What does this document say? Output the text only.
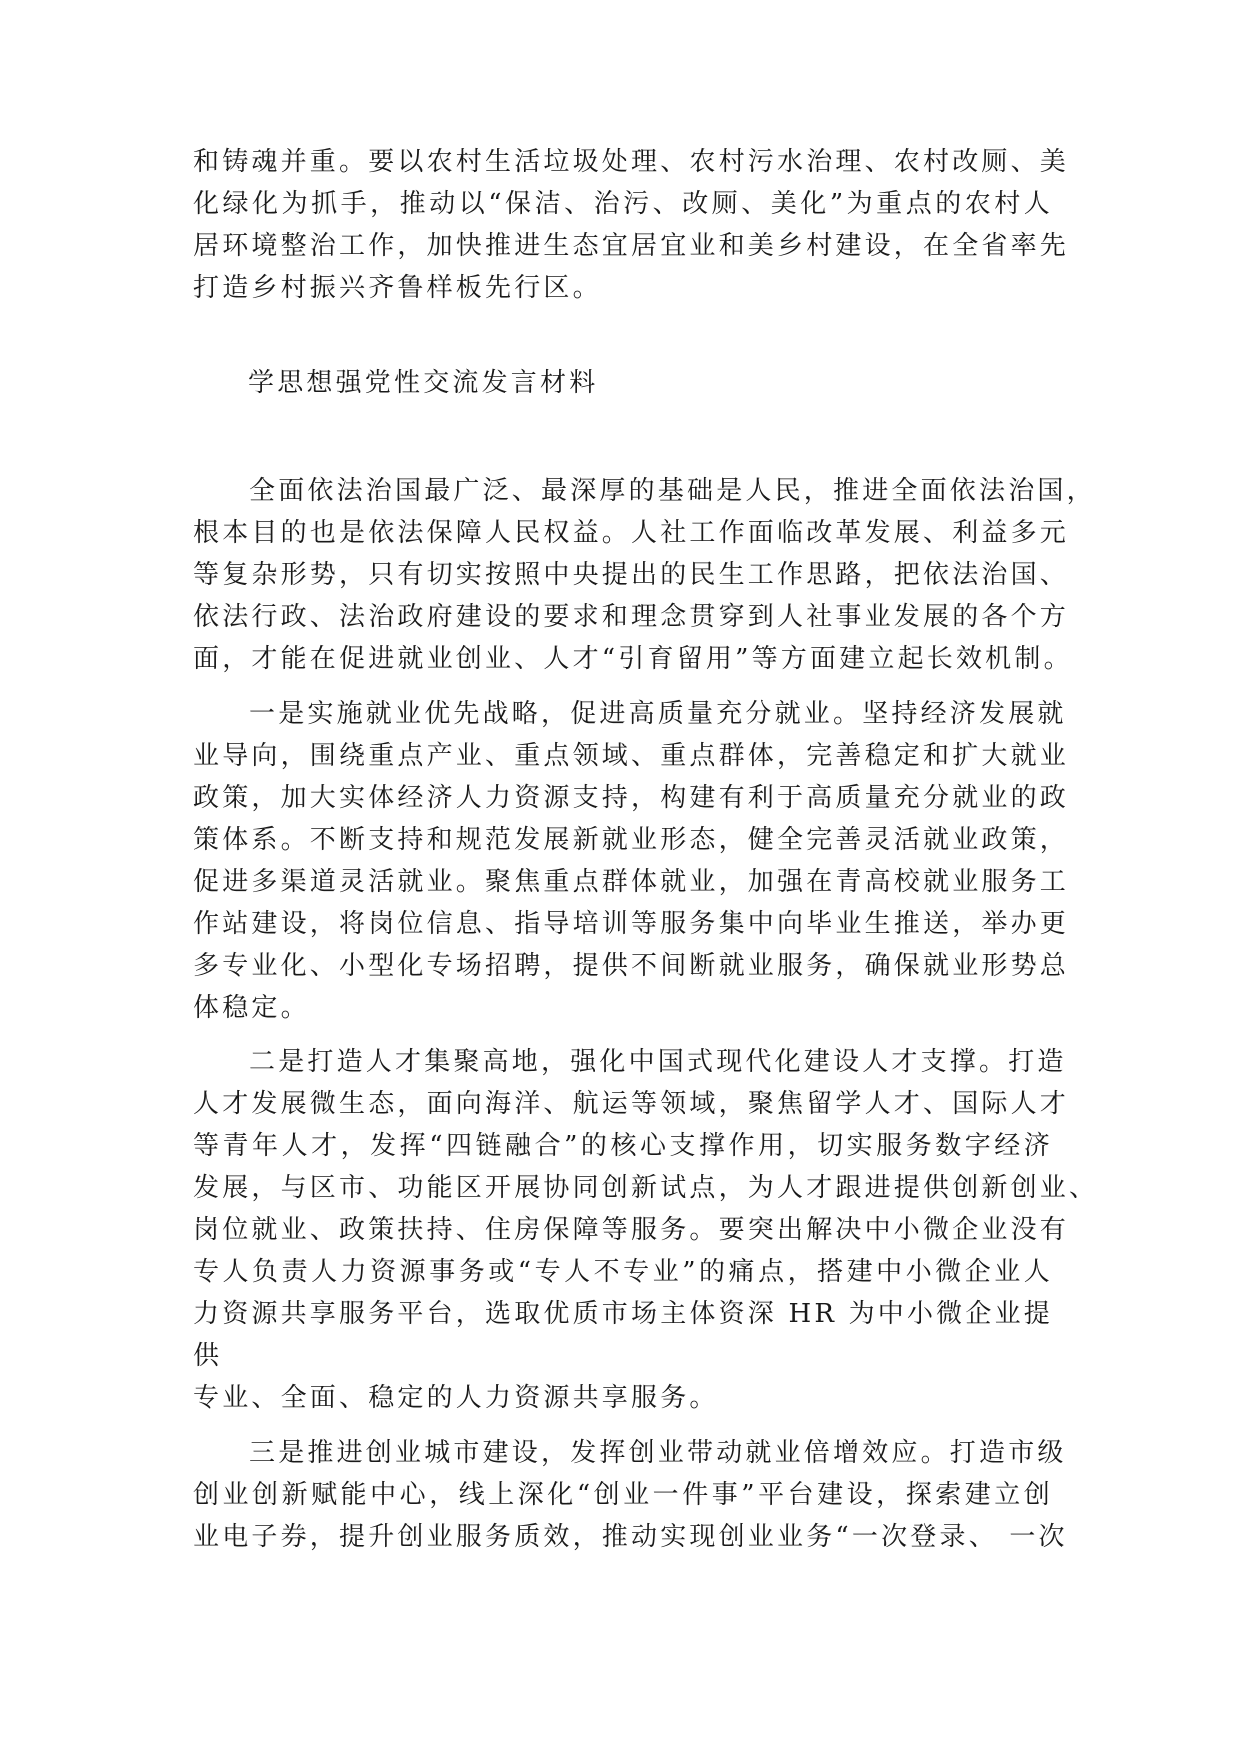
和铸魂并重。要以农村生活垃圾处理、农村污水治理、农村改厕、美
化绿化为抓手，推动以“保洁、治污、改厕、美化”为重点的农村人
居环境整治工作，加快推进生态宜居宜业和美乡村建设，在全省率先
打造乡村振兴齐鲁样板先行区。
学思想强党性交流发言材料
全面依法治国最广泛、最深厚的基础是人民，推进全面依法治国，
根本目的也是依法保障人民权益。人社工作面临改革发展、利益多元
等复杂形势，只有切实按照中央提出的民生工作思路，把依法治国、
依法行政、法治政府建设的要求和理念贯穿到人社事业发展的各个方
面，才能在促进就业创业、人才“引育留用”等方面建立起长效机制。
一是实施就业优先战略，促进高质量充分就业。坚持经济发展就
业导向，围绕重点产业、重点领域、重点群体，完善稳定和扩大就业
政策，加大实体经济人力资源支持，构建有利于高质量充分就业的政
策体系。不断支持和规范发展新就业形态，健全完善灵活就业政策，
促进多渠道灵活就业。聚焦重点群体就业，加强在青高校就业服务工
作站建设，将岗位信息、指导培训等服务集中向毕业生推送，举办更
多专业化、小型化专场招聘，提供不间断就业服务，确保就业形势总
体稳定。
二是打造人才集聚高地，强化中国式现代化建设人才支撑。打造
人才发展微生态，面向海洋、航运等领域，聚焦留学人才、国际人才
等青年人才，发挥“四链融合”的核心支撑作用，切实服务数字经济
发展，与区市、功能区开展协同创新试点，为人才跟进提供创新创业、
岗位就业、政策扶持、住房保障等服务。要突出解决中小微企业没有
专人负责人力资源事务或“专人不专业”的痛点，搭建中小微企业人
力资源共享服务平台，选取优质市场主体资深 HR 为中小微企业提
供
专业、全面、稳定的人力资源共享服务。
三是推进创业城市建设，发挥创业带动就业倍增效应。打造市级
创业创新赋能中心，线上深化“创业一件事”平台建设，探索建立创
业电子券，提升创业服务质效，推动实现创业业务“一次登录、 一次
